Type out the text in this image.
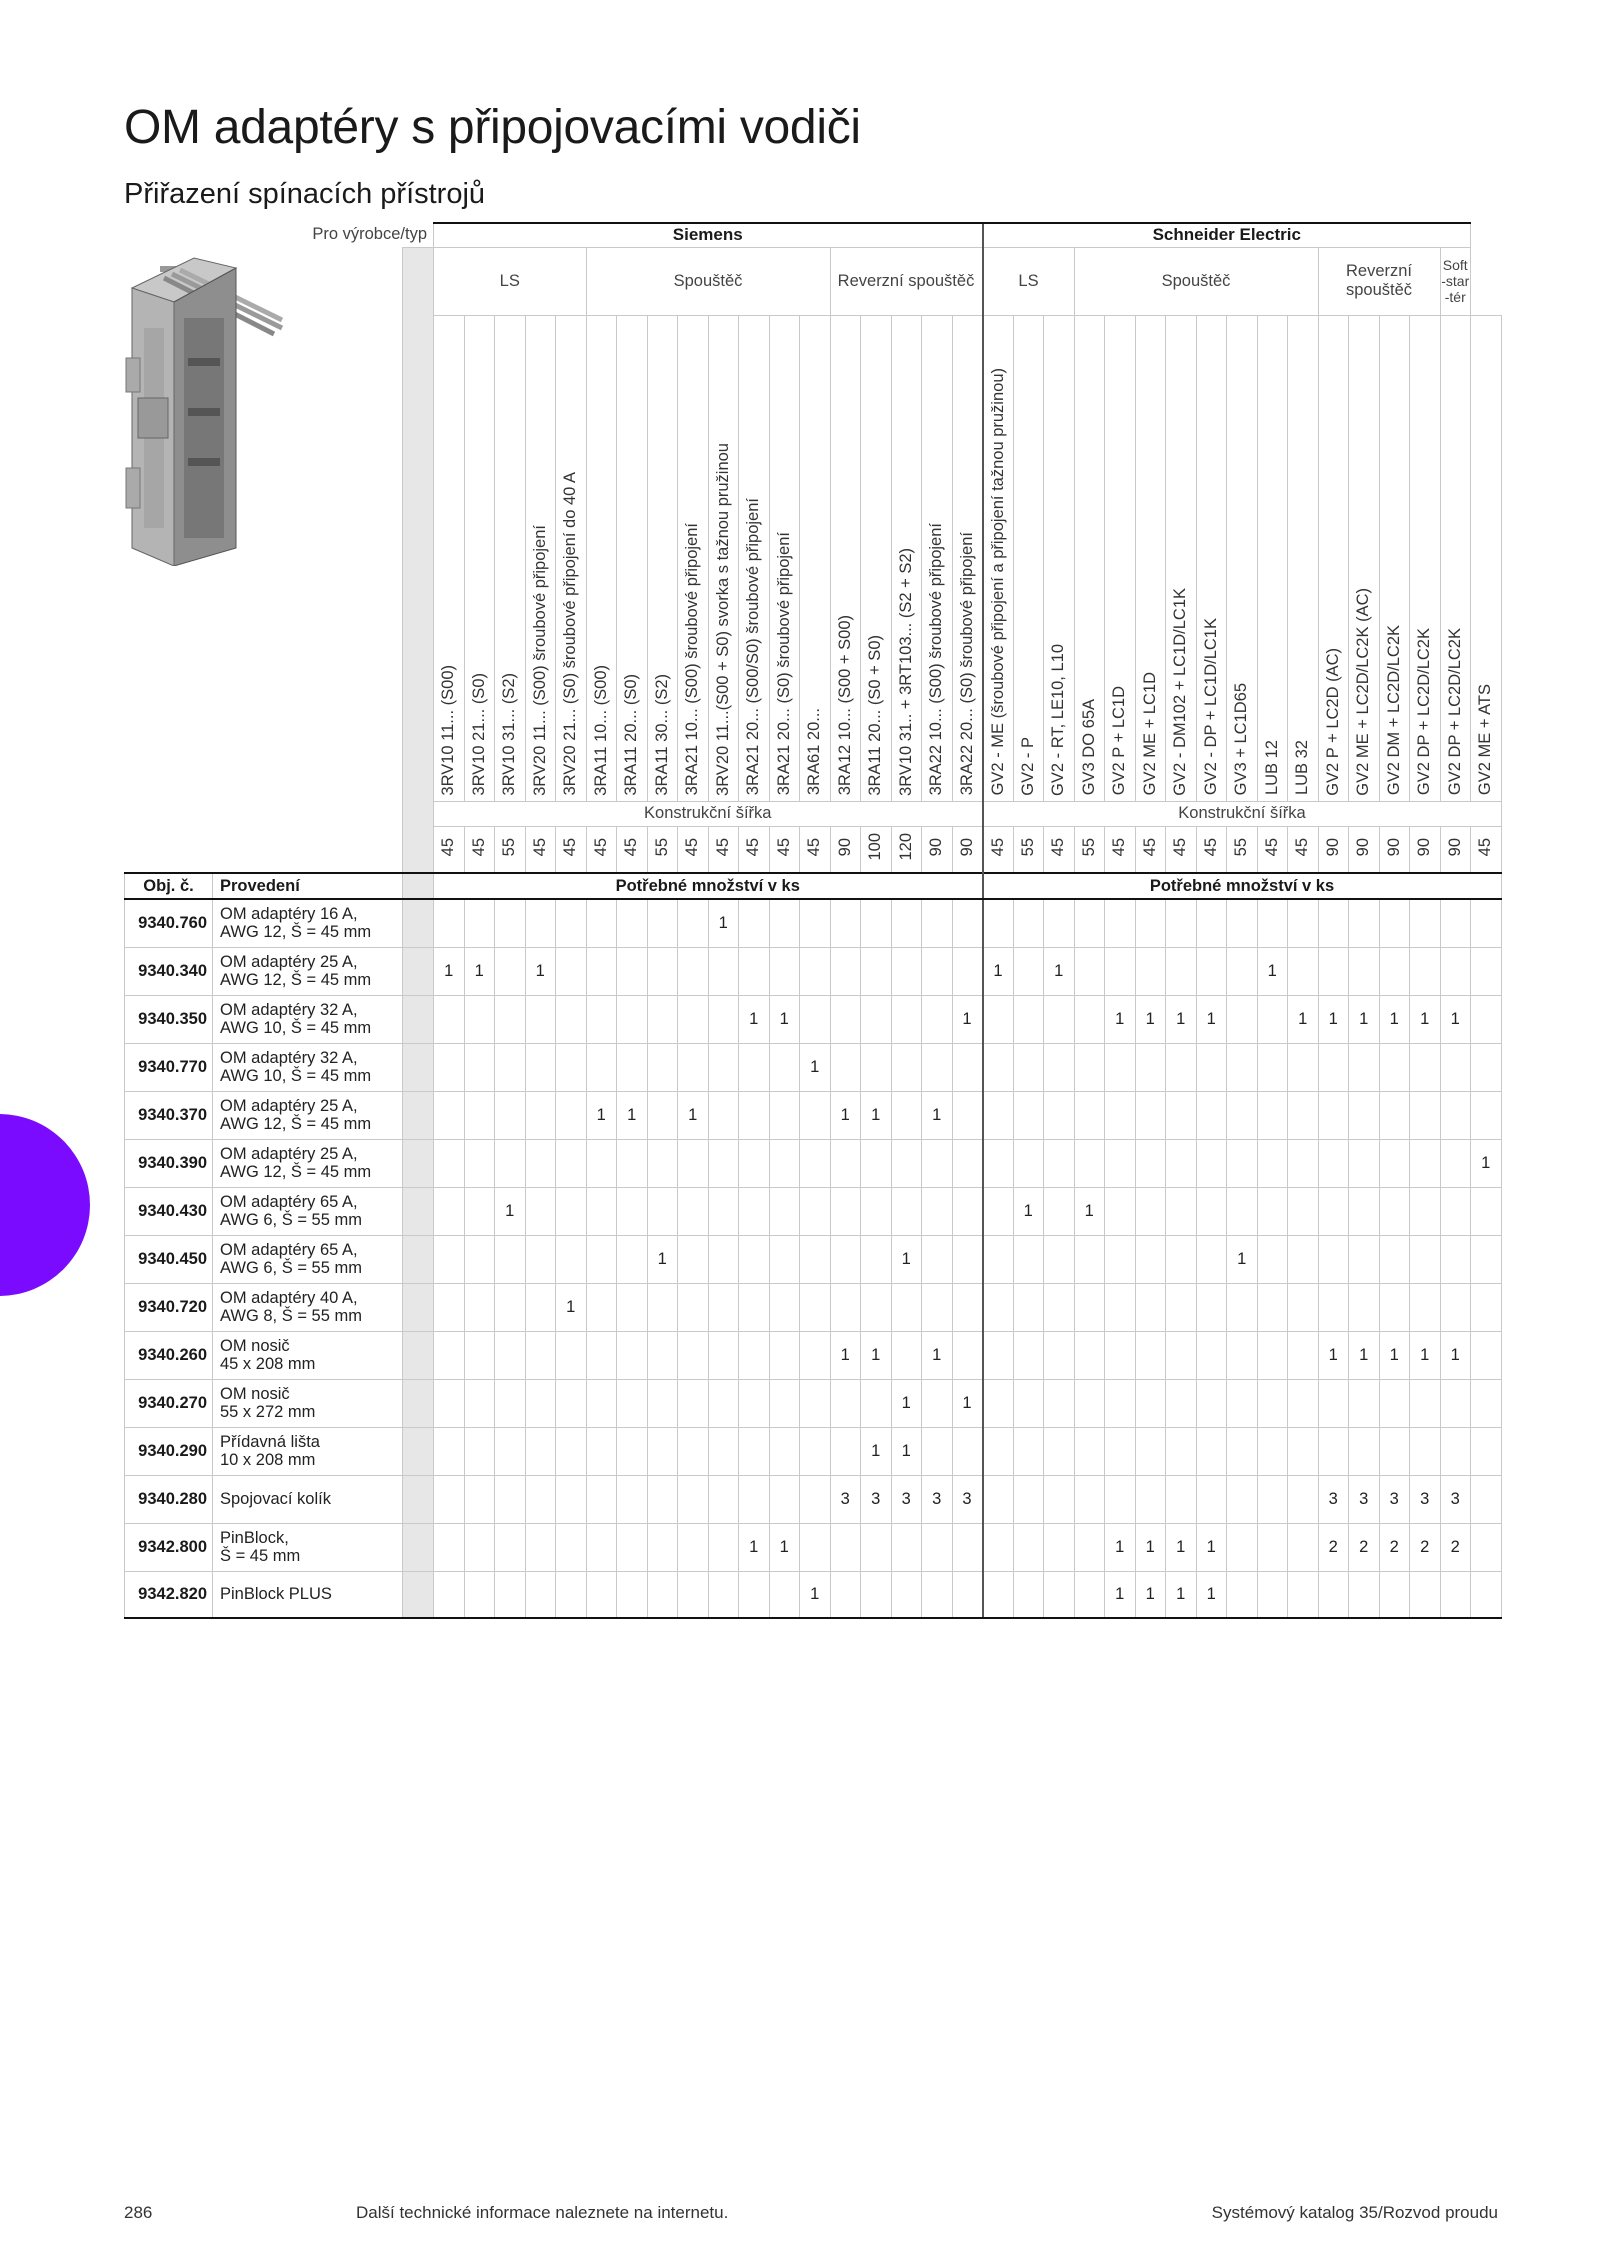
OM adaptéry s připojovacími vodiči
Přiřazení spínacích přístrojů
Pro výrobce/typ			Siemens																		Schneider Electric																
			LS					Spouštěč								Reverzní spouštěč					LS			Spouštěč								Reverzní spouštěč				Soft-star-tér	
			3RV10 11... (S00)	3RV10 21... (S0)	3RV10 31... (S2)	3RV20 11... (S00) šroubové připojení	3RV20 21... (S0) šroubové připojení do 40 A	3RA11 10... (S00)	3RA11 20... (S0)	3RA11 30... (S2)	3RA21 10... (S00) šroubové připojení	3RV20 11...(S00 + S0) svorka s tažnou pružinou	3RA21 20... (S00/S0) šroubové připojení	3RA21 20... (S0) šroubové připojení	3RA61 20...	3RA12 10... (S00 + S00)	3RA11 20... (S0 + S0)	3RV10 31.. + 3RT103... (S2 + S2)	3RA22 10... (S00) šroubové připojení	3RA22 20... (S0) šroubové připojení	GV2 - ME (šroubové připojení a připojení tažnou pružinou)	GV2 - P	GV2 - RT, LE10, L10	GV3 DO 65A	GV2 P + LC1D	GV2 ME + LC1D	GV2 - DM102 + LC1D/LC1K	GV2 - DP + LC1D/LC1K	GV3 + LC1D65	LUB 12	LUB 32	GV2 P + LC2D (AC)	GV2 ME + LC2D/LC2K (AC)	GV2 DM + LC2D/LC2K	GV2 DP + LC2D/LC2K	GV2 DP + LC2D/LC2K	GV2 ME + ATS
			Konstrukční šířka																		Konstrukční šířka																
			45	45	55	45	45	45	45	55	45	45	45	45	45	90	100	120	90	90	45	55	45	55	45	45	45	45	55	45	45	90	90	90	90	90	45
Obj. č.	Provedení		Potřebné množství v ks																		Potřebné množství v ks																
9340.760	OM adaptéry 16 A,
AWG 12, Š = 45 mm											1																									
9340.340	OM adaptéry 25 A,
AWG 12, Š = 45 mm		1	1		1															1		1							1							
9340.350	OM adaptéry 32 A,
AWG 10, Š = 45 mm												1	1						1					1	1	1	1			1	1	1	1	1	1	
9340.770	OM adaptéry 32 A,
AWG 10, Š = 45 mm														1																						
9340.370	OM adaptéry 25 A,
AWG 12, Š = 45 mm							1	1		1					1	1		1																		
9340.390	OM adaptéry 25 A,
AWG 12, Š = 45 mm																																				1
9340.430	OM adaptéry 65 A,
AWG 6, Š = 55 mm				1																	1		1													
9340.450	OM adaptéry 65 A,
AWG 6, Š = 55 mm									1								1											1								
9340.720	OM adaptéry 40 A,
AWG 8, Š = 55 mm						1																														
9340.260	OM nosič
45 x 208 mm															1	1		1													1	1	1	1	1	
9340.270	OM nosič
55 x 272 mm																	1		1																	
9340.290	Přídavná lišta
10 x 208 mm																1	1																			
9340.280	Spojovací kolík															3	3	3	3	3												3	3	3	3	3	
9342.800	PinBlock,
Š = 45 mm												1	1											1	1	1	1				2	2	2	2	2	
9342.820	PinBlock PLUS														1										1	1	1	1									
286	Další technické informace naleznete na internetu.	Systémový katalog 35/Rozvod proudu
